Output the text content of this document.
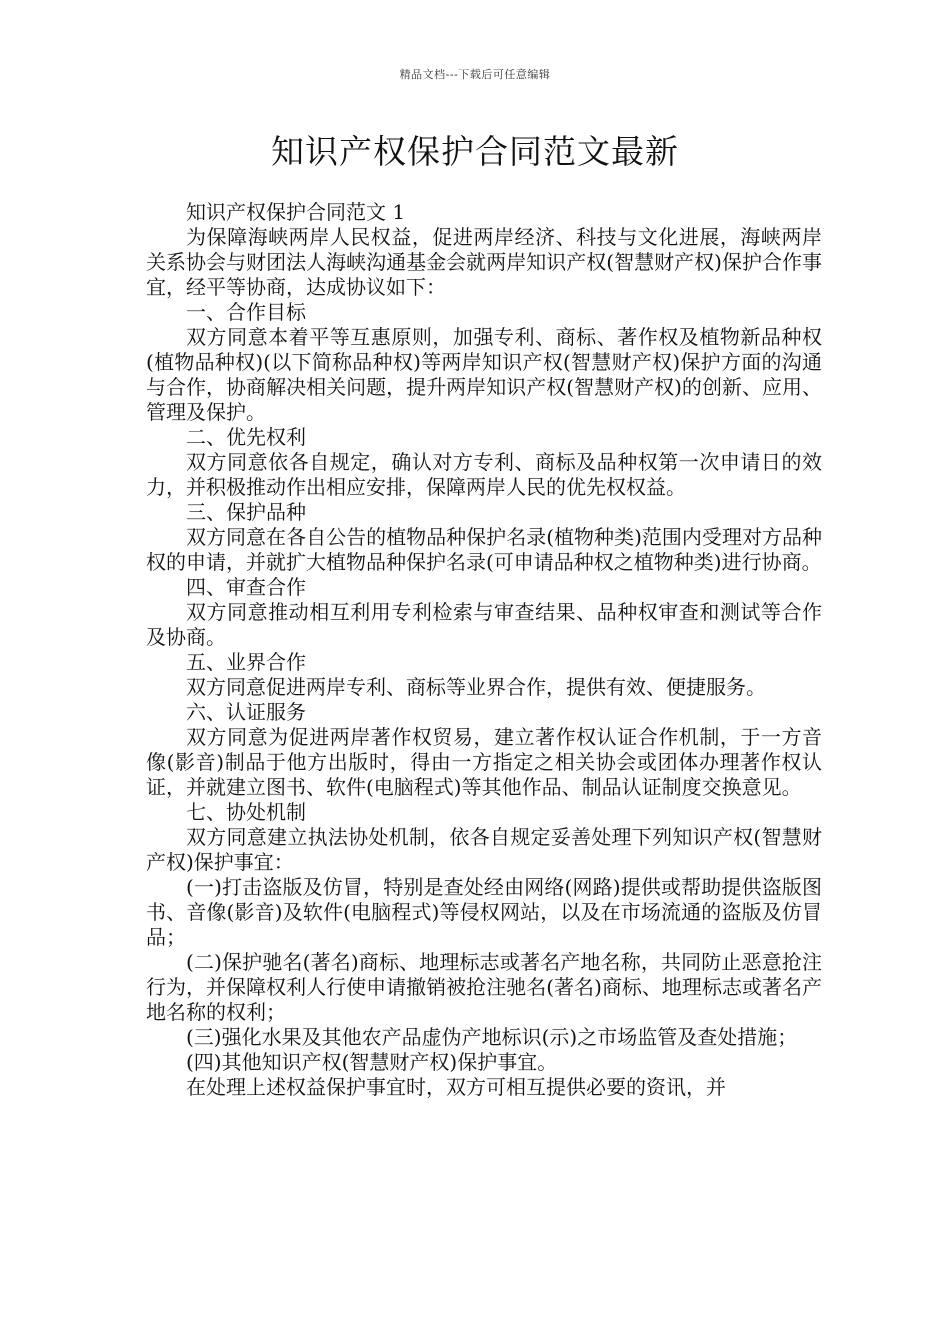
精品文档---下载后可任意编辑
知识产权保护合同范文最新

知识产权保护合同范文 1

为保障海峡两岸人民权益，促进两岸经济、科技与文化进展，海峡两岸关系协会与财团法人海峡沟通基金会就两岸知识产权(智慧财产权)保护合作事宜，经平等协商，达成协议如下：

一、合作目标

双方同意本着平等互惠原则，加强专利、商标、著作权及植物新品种权(植物品种权)(以下简称品种权)等两岸知识产权(智慧财产权)保护方面的沟通与合作，协商解决相关问题，提升两岸知识产权(智慧财产权)的创新、应用、管理及保护。

二、优先权利

双方同意依各自规定，确认对方专利、商标及品种权第一次申请日的效力，并积极推动作出相应安排，保障两岸人民的优先权权益。

三、保护品种

双方同意在各自公告的植物品种保护名录(植物种类)范围内受理对方品种权的申请，并就扩大植物品种保护名录(可申请品种权之植物种类)进行协商。

四、审查合作

双方同意推动相互利用专利检索与审查结果、品种权审查和测试等合作及协商。

五、业界合作

双方同意促进两岸专利、商标等业界合作，提供有效、便捷服务。

六、认证服务

双方同意为促进两岸著作权贸易，建立著作权认证合作机制，于一方音像(影音)制品于他方出版时，得由一方指定之相关协会或团体办理著作权认证，并就建立图书、软件(电脑程式)等其他作品、制品认证制度交换意见。

七、协处机制

双方同意建立执法协处机制，依各自规定妥善处理下列知识产权(智慧财产权)保护事宜：

(一)打击盗版及仿冒，特别是查处经由网络(网路)提供或帮助提供盗版图书、音像(影音)及软件(电脑程式)等侵权网站，以及在市场流通的盗版及仿冒品；

(二)保护驰名(著名)商标、地理标志或著名产地名称，共同防止恶意抢注行为，并保障权利人行使申请撤销被抢注驰名(著名)商标、地理标志或著名产地名称的权利；

(三)强化水果及其他农产品虚伪产地标识(示)之市场监管及查处措施；

(四)其他知识产权(智慧财产权)保护事宜。

在处理上述权益保护事宜时，双方可相互提供必要的资讯，并
